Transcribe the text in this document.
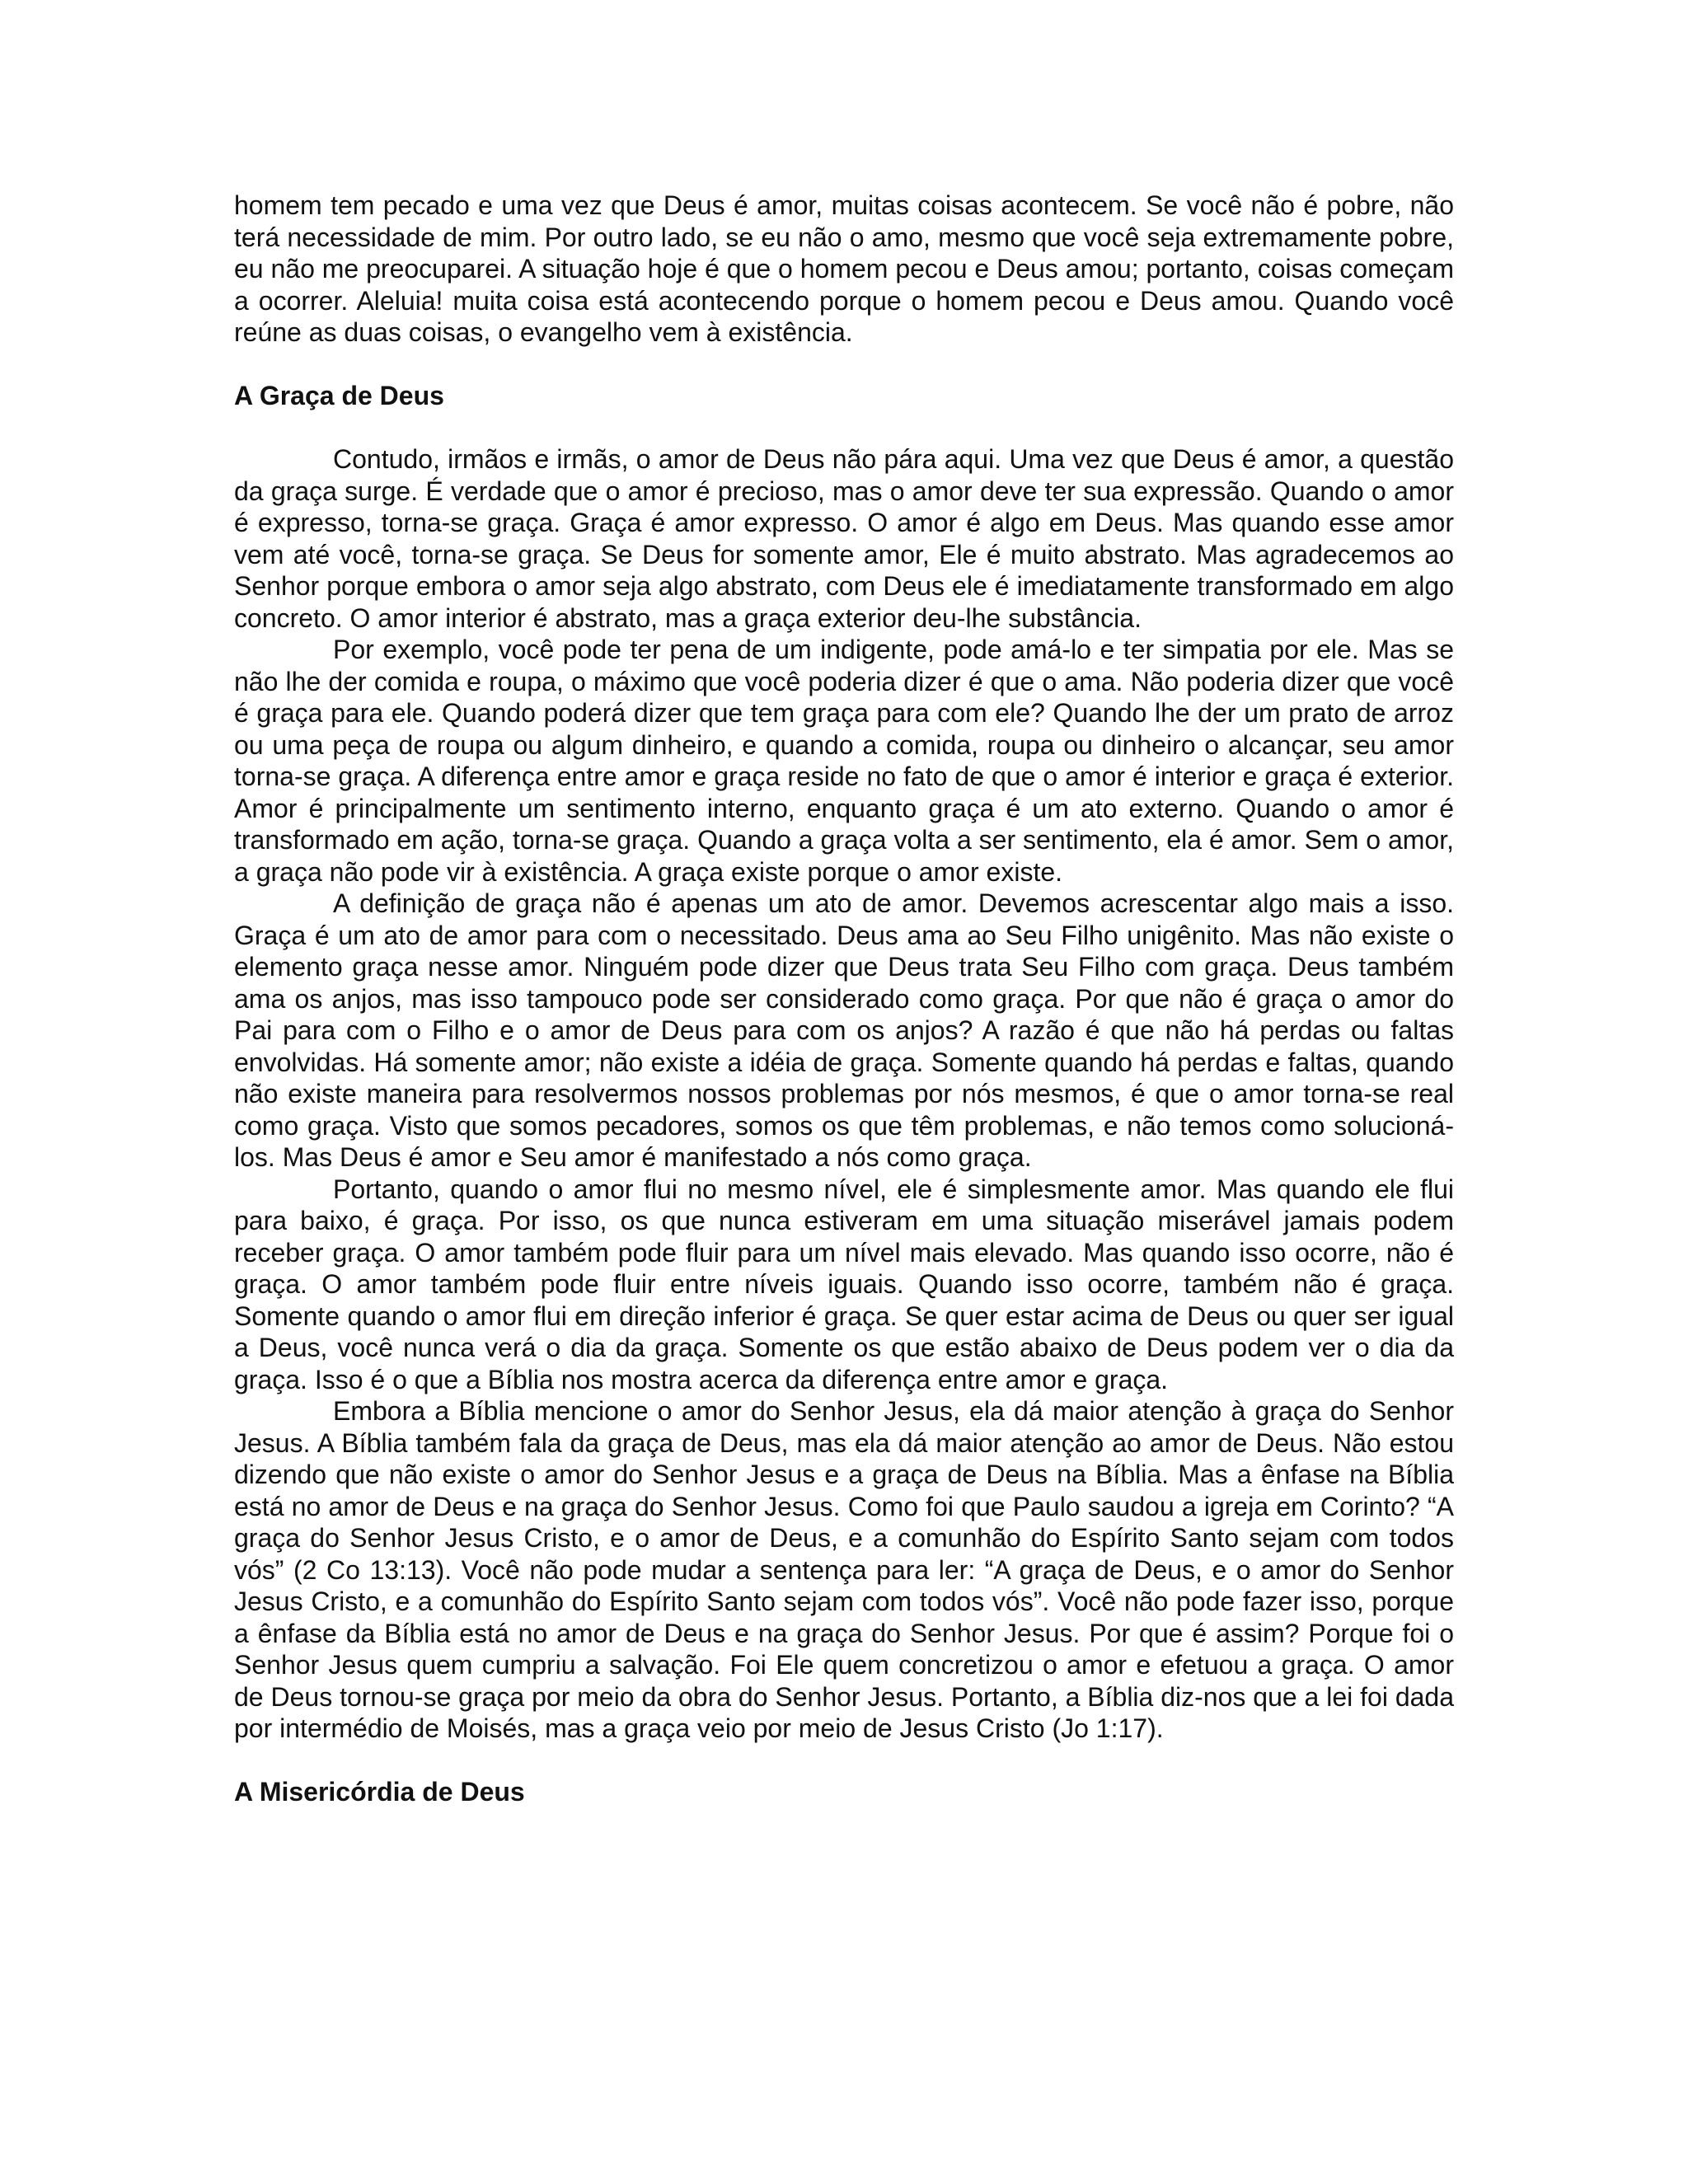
homem tem pecado e uma vez que Deus é amor, muitas coisas acontecem. Se você não é pobre, não terá necessidade de mim. Por outro lado, se eu não o amo, mesmo que você seja extremamente pobre, eu não me preocuparei. A situação hoje é que o homem pecou e Deus amou; portanto, coisas começam a ocorrer. Aleluia! muita coisa está acontecendo porque o homem pecou e Deus amou. Quando você reúne as duas coisas, o evangelho vem à existência.

A Graça de Deus

Contudo, irmãos e irmãs, o amor de Deus não pára aqui. Uma vez que Deus é amor, a questão da graça surge. É verdade que o amor é precioso, mas o amor deve ter sua expressão. Quando o amor é expresso, torna-se graça. Graça é amor expresso. O amor é algo em Deus. Mas quando esse amor vem até você, torna-se graça. Se Deus for somente amor, Ele é muito abstrato. Mas agradecemos ao Senhor porque embora o amor seja algo abstrato, com Deus ele é imediatamente transformado em algo concreto. O amor interior é abstrato, mas a graça exterior deu-lhe substância.

Por exemplo, você pode ter pena de um indigente, pode amá-lo e ter simpatia por ele. Mas se não lhe der comida e roupa, o máximo que você poderia dizer é que o ama. Não poderia dizer que você é graça para ele. Quando poderá dizer que tem graça para com ele? Quando lhe der um prato de arroz ou uma peça de roupa ou algum dinheiro, e quando a comida, roupa ou dinheiro o alcançar, seu amor torna-se graça. A diferença entre amor e graça reside no fato de que o amor é interior e graça é exterior. Amor é principalmente um sentimento interno, enquanto graça é um ato externo. Quando o amor é transformado em ação, torna-se graça. Quando a graça volta a ser sentimento, ela é amor. Sem o amor, a graça não pode vir à existência. A graça existe porque o amor existe.

A definição de graça não é apenas um ato de amor. Devemos acrescentar algo mais a isso. Graça é um ato de amor para com o necessitado. Deus ama ao Seu Filho unigênito. Mas não existe o elemento graça nesse amor. Ninguém pode dizer que Deus trata Seu Filho com graça. Deus também ama os anjos, mas isso tampouco pode ser considerado como graça. Por que não é graça o amor do Pai para com o Filho e o amor de Deus para com os anjos? A razão é que não há perdas ou faltas envolvidas. Há somente amor; não existe a idéia de graça. Somente quando há perdas e faltas, quando não existe maneira para resolvermos nossos problemas por nós mesmos, é que o amor torna-se real como graça. Visto que somos pecadores, somos os que têm problemas, e não temos como solucioná-los. Mas Deus é amor e Seu amor é manifestado a nós como graça.

Portanto, quando o amor flui no mesmo nível, ele é simplesmente amor. Mas quando ele flui para baixo, é graça. Por isso, os que nunca estiveram em uma situação miserável jamais podem receber graça. O amor também pode fluir para um nível mais elevado. Mas quando isso ocorre, não é graça. O amor também pode fluir entre níveis iguais. Quando isso ocorre, também não é graça. Somente quando o amor flui em direção inferior é graça. Se quer estar acima de Deus ou quer ser igual a Deus, você nunca verá o dia da graça. Somente os que estão abaixo de Deus podem ver o dia da graça. Isso é o que a Bíblia nos mostra acerca da diferença entre amor e graça.

Embora a Bíblia mencione o amor do Senhor Jesus, ela dá maior atenção à graça do Senhor Jesus. A Bíblia também fala da graça de Deus, mas ela dá maior atenção ao amor de Deus. Não estou dizendo que não existe o amor do Senhor Jesus e a graça de Deus na Bíblia. Mas a ênfase na Bíblia está no amor de Deus e na graça do Senhor Jesus. Como foi que Paulo saudou a igreja em Corinto? “A graça do Senhor Jesus Cristo, e o amor de Deus, e a comunhão do Espírito Santo sejam com todos vós” (2 Co 13:13). Você não pode mudar a sentença para ler: “A graça de Deus, e o amor do Senhor Jesus Cristo, e a comunhão do Espírito Santo sejam com todos vós”. Você não pode fazer isso, porque a ênfase da Bíblia está no amor de Deus e na graça do Senhor Jesus. Por que é assim? Porque foi o Senhor Jesus quem cumpriu a salvação. Foi Ele quem concretizou o amor e efetuou a graça. O amor de Deus tornou-se graça por meio da obra do Senhor Jesus. Portanto, a Bíblia diz-nos que a lei foi dada por intermédio de Moisés, mas a graça veio por meio de Jesus Cristo (Jo 1:17).

A Misericórdia de Deus
